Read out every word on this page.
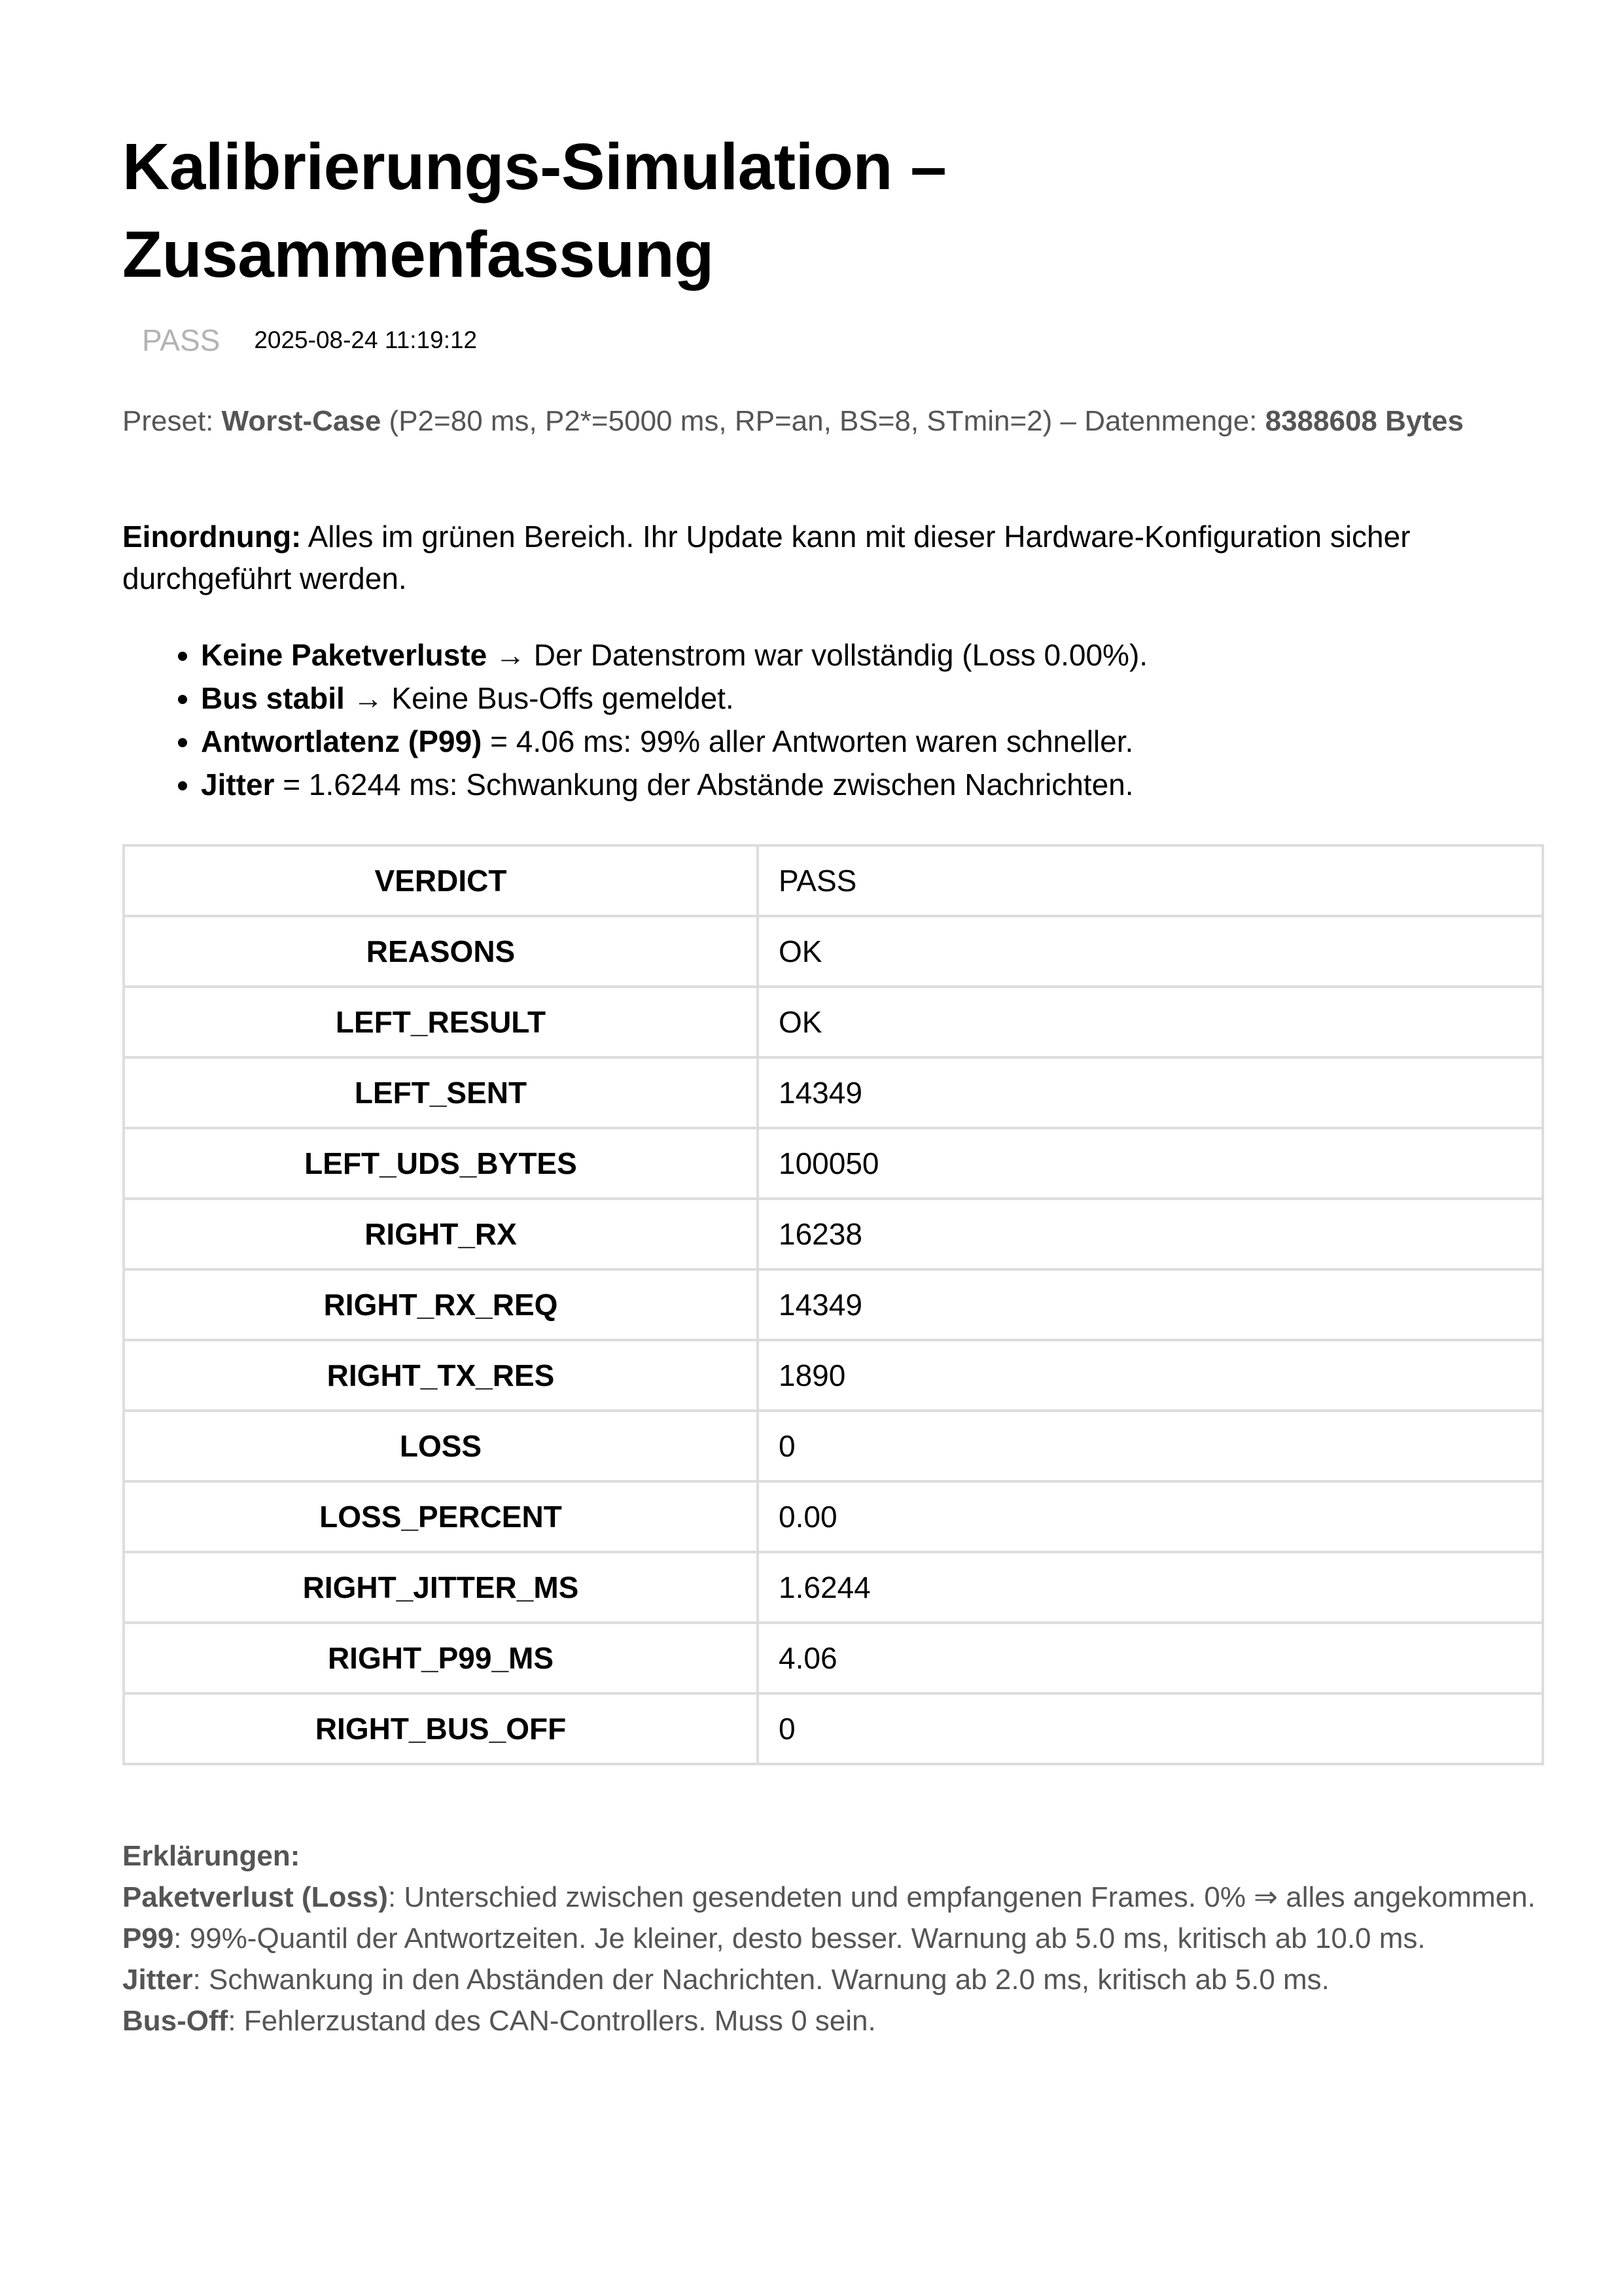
Kalibrierungs-Simulation – Zusammenfassung
PASS	2025-08-24 11:19:12
Preset: Worst-Case (P2=80 ms, P2*=5000 ms, RP=an, BS=8, STmin=2) – Datenmenge: 8388608 Bytes
Einordnung: Alles im grünen Bereich. Ihr Update kann mit dieser Hardware-Konfiguration sicher durchgeführt werden.
• Keine Paketverluste → Der Datenstrom war vollständig (Loss 0.00%).
• Bus stabil → Keine Bus-Offs gemeldet.
• Antwortlatenz (P99) = 4.06 ms: 99% aller Antworten waren schneller.
• Jitter = 1.6244 ms: Schwankung der Abstände zwischen Nachrichten.
VERDICT	PASS
REASONS	OK
LEFT_RESULT	OK
LEFT_SENT	14349
LEFT_UDS_BYTES	100050
RIGHT_RX	16238
RIGHT_RX_REQ	14349
RIGHT_TX_RES	1890
LOSS	0
LOSS_PERCENT	0.00
RIGHT_JITTER_MS	1.6244
RIGHT_P99_MS	4.06
RIGHT_BUS_OFF	0
Erklärungen:
Paketverlust (Loss): Unterschied zwischen gesendeten und empfangenen Frames. 0% ⇒ alles angekommen.
P99: 99%-Quantil der Antwortzeiten. Je kleiner, desto besser. Warnung ab 5.0 ms, kritisch ab 10.0 ms.
Jitter: Schwankung in den Abständen der Nachrichten. Warnung ab 2.0 ms, kritisch ab 5.0 ms.
Bus-Off: Fehlerzustand des CAN-Controllers. Muss 0 sein.
